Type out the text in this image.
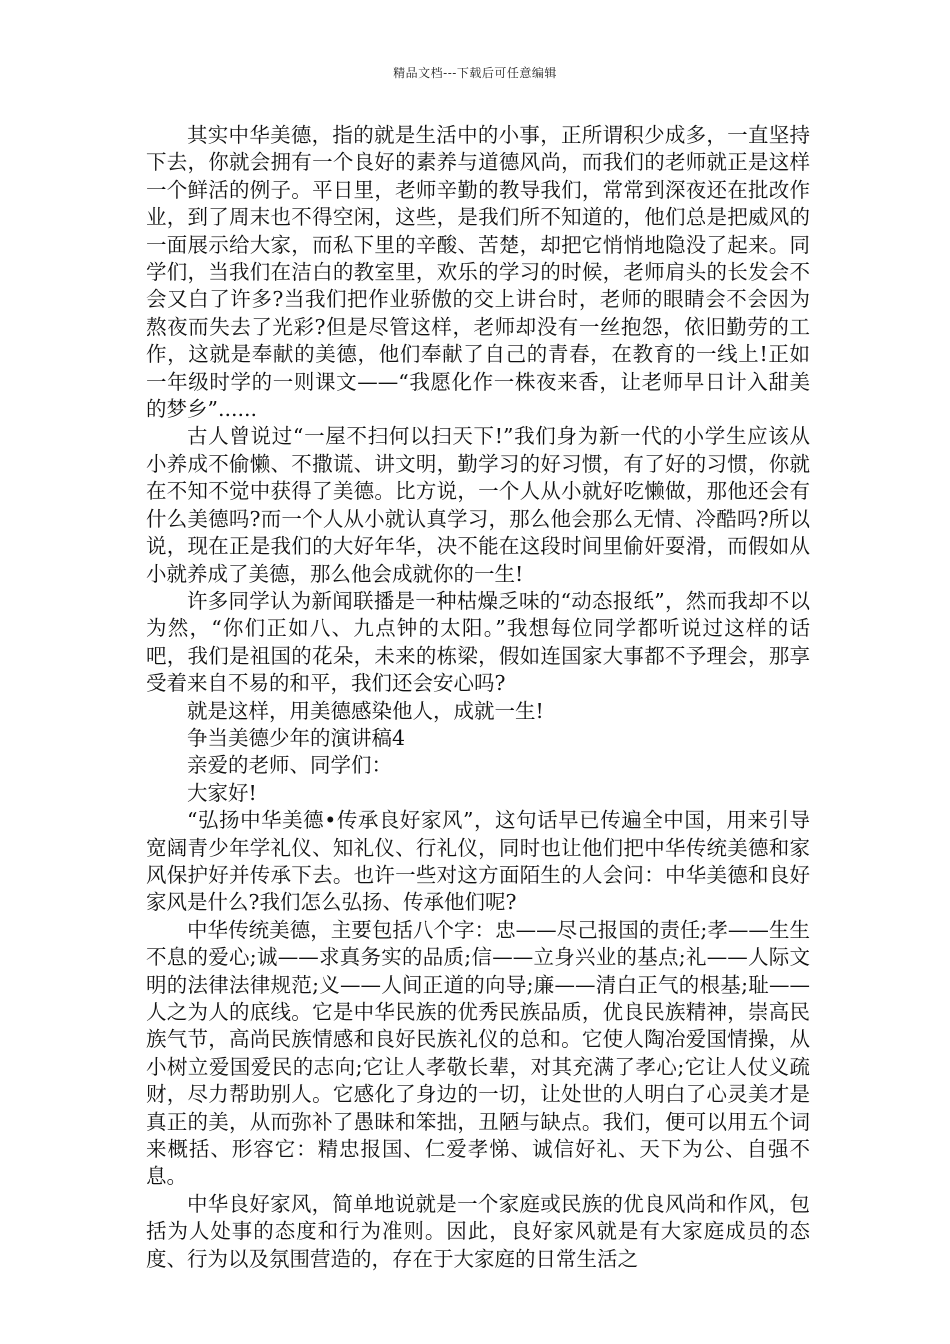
精品文档---下载后可任意编辑

其实中华美德，指的就是生活中的小事，正所谓积少成多，一直坚持下去，你就会拥有一个良好的素养与道德风尚，而我们的老师就正是这样一个鲜活的例子。平日里，老师辛勤的教导我们，常常到深夜还在批改作业，到了周末也不得空闲，这些，是我们所不知道的，他们总是把威风的一面展示给大家，而私下里的辛酸、苦楚，却把它悄悄地隐没了起来。同学们，当我们在洁白的教室里，欢乐的学习的时候，老师肩头的长发会不会又白了许多?当我们把作业骄傲的交上讲台时，老师的眼睛会不会因为熬夜而失去了光彩?但是尽管这样，老师却没有一丝抱怨，依旧勤劳的工作，这就是奉献的美德，他们奉献了自己的青春，在教育的一线上!正如一年级时学的一则课文——“我愿化作一株夜来香，让老师早日计入甜美的梦乡”......

古人曾说过“一屋不扫何以扫天下!”我们身为新一代的小学生应该从小养成不偷懒、不撒谎、讲文明，勤学习的好习惯，有了好的习惯，你就在不知不觉中获得了美德。比方说，一个人从小就好吃懒做，那他还会有什么美德吗?而一个人从小就认真学习，那么他会那么无情、冷酷吗?所以说，现在正是我们的大好年华，决不能在这段时间里偷奸耍滑，而假如从小就养成了美德，那么他会成就你的一生!

许多同学认为新闻联播是一种枯燥乏味的“动态报纸”，然而我却不以为然，“你们正如八、九点钟的太阳。”我想每位同学都听说过这样的话吧，我们是祖国的花朵，未来的栋梁，假如连国家大事都不予理会，那享受着来自不易的和平，我们还会安心吗?

就是这样，用美德感染他人，成就一生!

争当美德少年的演讲稿4

亲爱的老师、同学们：

大家好!

“弘扬中华美德•传承良好家风”，这句话早已传遍全中国，用来引导宽阔青少年学礼仪、知礼仪、行礼仪，同时也让他们把中华传统美德和家风保护好并传承下去。也许一些对这方面陌生的人会问：中华美德和良好家风是什么?我们怎么弘扬、传承他们呢?

中华传统美德，主要包括八个字：忠——尽己报国的责任;孝——生生不息的爱心;诚——求真务实的品质;信——立身兴业的基点;礼——人际文明的法律法律规范;义——人间正道的向导;廉——清白正气的根基;耻——人之为人的底线。它是中华民族的优秀民族品质，优良民族精神，崇高民族气节，高尚民族情感和良好民族礼仪的总和。它使人陶冶爱国情操，从小树立爱国爱民的志向;它让人孝敬长辈，对其充满了孝心;它让人仗义疏财，尽力帮助别人。它感化了身边的一切，让处世的人明白了心灵美才是真正的美，从而弥补了愚昧和笨拙，丑陋与缺点。我们，便可以用五个词来概括、形容它：精忠报国、仁爱孝悌、诚信好礼、天下为公、自强不息。

中华良好家风，简单地说就是一个家庭或民族的优良风尚和作风，包括为人处事的态度和行为准则。因此，良好家风就是有大家庭成员的态度、行为以及氛围营造的，存在于大家庭的日常生活之
